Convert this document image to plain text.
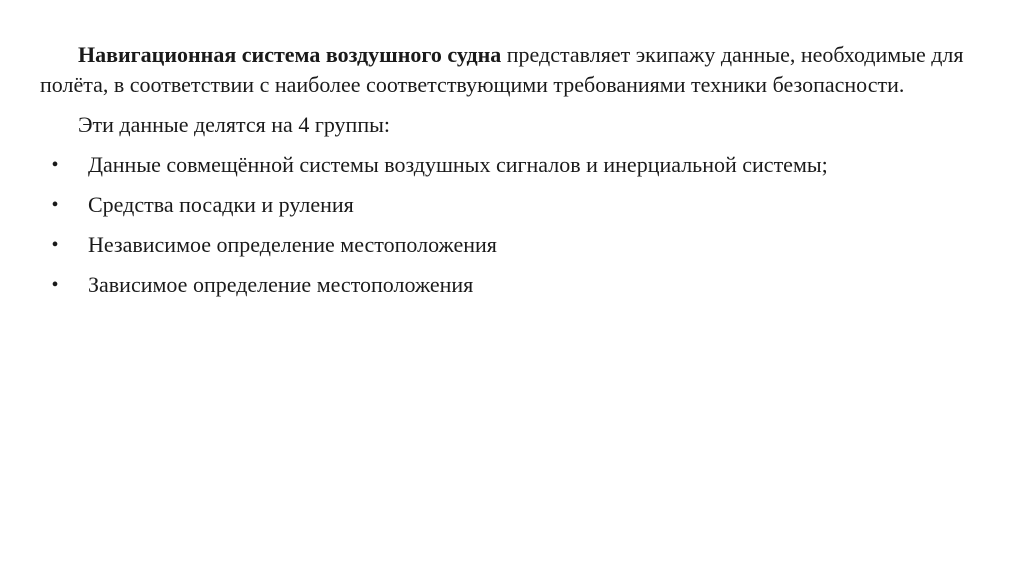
Навигационная система воздушного судна представляет экипажу данные, необходимые для полёта, в соответствии с наиболее соответствующими требованиями техники безопасности.

Эти данные делятся на 4 группы:

• Данные совмещённой системы воздушных сигналов и инерциальной системы;
• Средства посадки и руления
• Независимое определение местоположения
• Зависимое определение местоположения
